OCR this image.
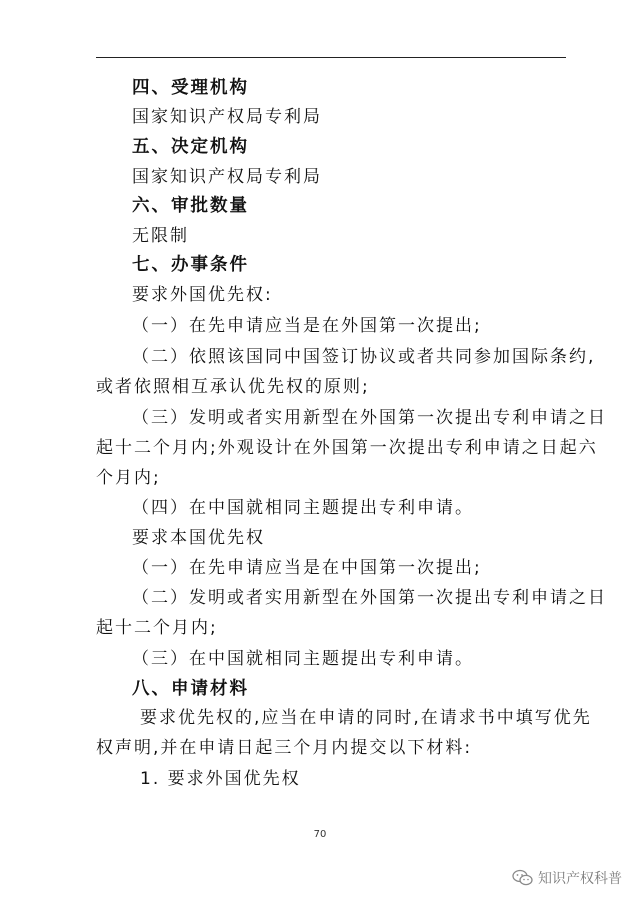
四、受理机构
国家知识产权局专利局
五、决定机构
国家知识产权局专利局
六、审批数量
无限制
七、办事条件
要求外国优先权:
（一）在先申请应当是在外国第一次提出;
（二）依照该国同中国签订协议或者共同参加国际条约,
或者依照相互承认优先权的原则;
（三）发明或者实用新型在外国第一次提出专利申请之日
起十二个月内;外观设计在外国第一次提出专利申请之日起六
个月内;
（四）在中国就相同主题提出专利申请。
要求本国优先权
（一）在先申请应当是在中国第一次提出;
（二）发明或者实用新型在外国第一次提出专利申请之日
起十二个月内;
（三）在中国就相同主题提出专利申请。
八、申请材料
要求优先权的,应当在申请的同时,在请求书中填写优先
权声明,并在申请日起三个月内提交以下材料:
1. 要求外国优先权
70
知识产权科普
